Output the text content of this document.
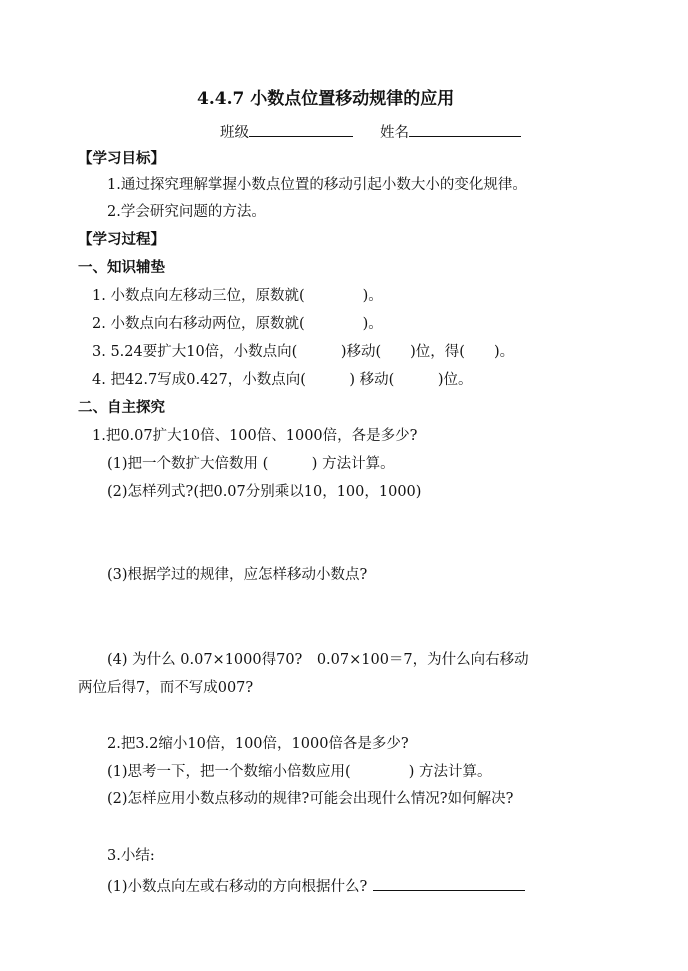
4.4.7 小数点位置移动规律的应用
班级	姓名
【学习目标】
1.通过探究理解掌握小数点位置的移动引起小数大小的变化规律。
2.学会研究问题的方法。
【学习过程】
一、知识辅垫
1. 小数点向左移动三位，原数就(　　　　)。
2. 小数点向右移动两位，原数就(　　　　)。
3. 5.24要扩大10倍，小数点向(　　　)移动(　　)位，得(　　)。
4. 把42.7写成0.427，小数点向(　　　) 移动(　　　)位。
二、自主探究
1.把0.07扩大10倍、100倍、1000倍，各是多少?
(1)把一个数扩大倍数用 (　　　) 方法计算。
(2)怎样列式?(把0.07分别乘以10，100，1000)
(3)根据学过的规律，应怎样移动小数点?
(4) 为什么 0.07×1000得70?　0.07×100＝7，为什么向右移动
两位后得7，而不写成007?
2.把3.2缩小10倍，100倍，1000倍各是多少?
(1)思考一下，把一个数缩小倍数应用(　　　　) 方法计算。
(2)怎样应用小数点移动的规律?可能会出现什么情况?如何解决?
3.小结:
(1)小数点向左或右移动的方向根据什么?
